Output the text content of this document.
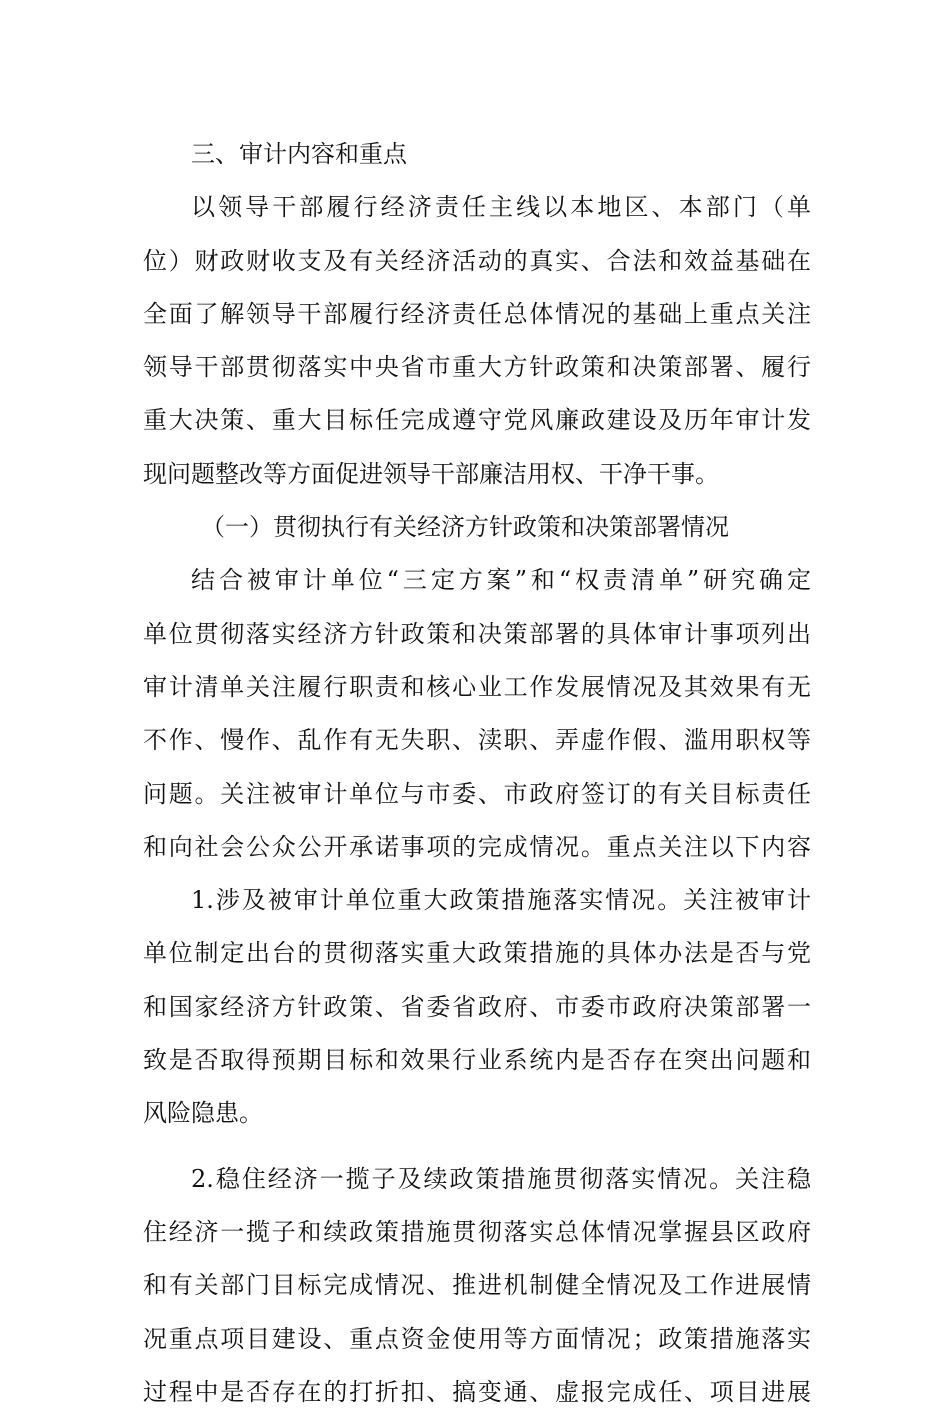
三、审计内容和重点
以领导干部履行经济责任主线以本地区、本部门（单
位）财政财收支及有关经济活动的真实、合法和效益基础在
全面了解领导干部履行经济责任总体情况的基础上重点关注
领导干部贯彻落实中央省市重大方针政策和决策部署、履行
重大决策、重大目标任完成遵守党风廉政建设及历年审计发
现问题整改等方面促进领导干部廉洁用权、干净干事。
（一）贯彻执行有关经济方针政策和决策部署情况
结合被审计单位“三定方案”和“权责清单”研究确定
单位贯彻落实经济方针政策和决策部署的具体审计事项列出
审计清单关注履行职责和核心业工作发展情况及其效果有无
不作、慢作、乱作有无失职、渎职、弄虚作假、滥用职权等
问题。关注被审计单位与市委、市政府签订的有关目标责任
和向社会公众公开承诺事项的完成情况。重点关注以下内容
1.涉及被审计单位重大政策措施落实情况。关注被审计
单位制定出台的贯彻落实重大政策措施的具体办法是否与党
和国家经济方针政策、省委省政府、市委市政府决策部署一
致是否取得预期目标和效果行业系统内是否存在突出问题和
风险隐患。
2.稳住经济一揽子及续政策措施贯彻落实情况。关注稳
住经济一揽子和续政策措施贯彻落实总体情况掌握县区政府
和有关部门目标完成情况、推进机制健全情况及工作进展情
况重点项目建设、重点资金使用等方面情况；政策措施落实
过程中是否存在的打折扣、搞变通、虚报完成任、项目进展
